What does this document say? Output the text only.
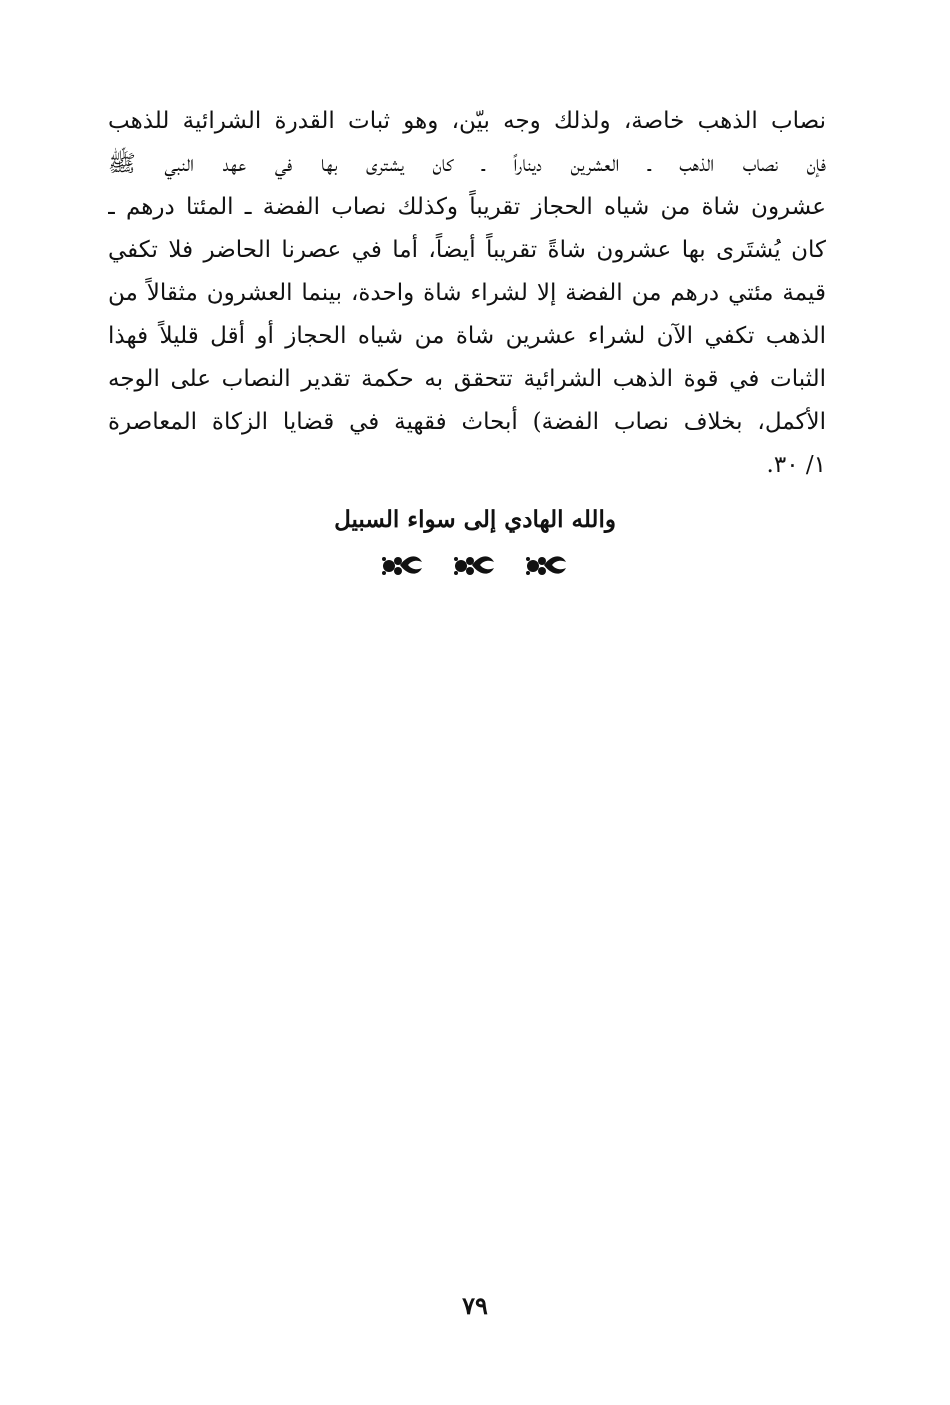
نصاب الذهب خاصة، ولذلك وجه بيّن، وهو ثبات القدرة الشرائية للذهب
فإن نصاب الذهب ـ العشرين ديناراً ـ كان يشترى بها في عهد النبي ﷺ
عشرون شاة من شياه الحجاز تقريباً وكذلك نصاب الفضة ـ المئتا درهم ـ
كان يُشتَرى بها عشرون شاةً تقريباً أيضاً، أما في عصرنا الحاضر فلا تكفي
قيمة مئتي درهم من الفضة إلا لشراء شاة واحدة، بينما العشرون مثقالاً من
الذهب تكفي الآن لشراء عشرين شاة من شياه الحجاز أو أقل قليلاً فهذا
الثبات في قوة الذهب الشرائية تتحقق به حكمة تقدير النصاب على الوجه
الأكمل، بخلاف نصاب الفضة) أبحاث فقهية في قضايا الزكاة المعاصرة
١/ ٣٠.
والله الهادي إلى سواء السبيل
٧٩
